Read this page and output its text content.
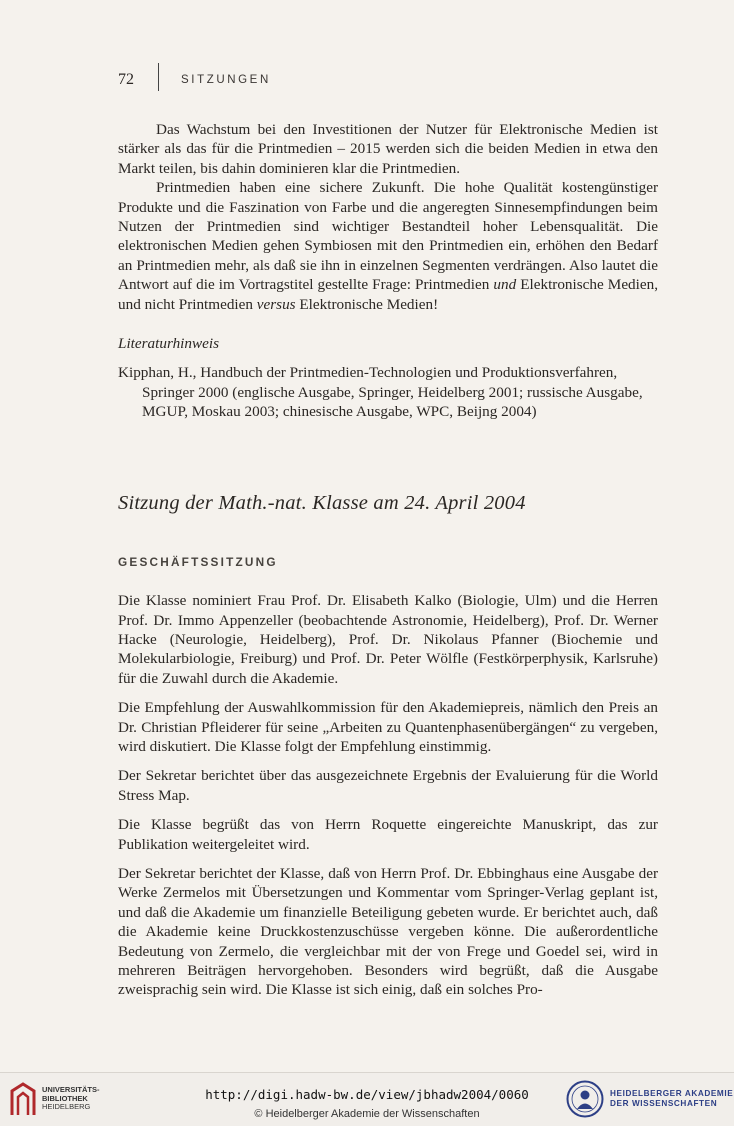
72	SITZUNGEN

Das Wachstum bei den Investitionen der Nutzer für Elektronische Medien ist stärker als das für die Printmedien – 2015 werden sich die beiden Medien in etwa den Markt teilen, bis dahin dominieren klar die Printmedien.

Printmedien haben eine sichere Zukunft. Die hohe Qualität kostengünstiger Produkte und die Faszination von Farbe und die angeregten Sinnesempfindungen beim Nutzen der Printmedien sind wichtiger Bestandteil hoher Lebensqualität. Die elektronischen Medien gehen Symbiosen mit den Printmedien ein, erhöhen den Bedarf an Printmedien mehr, als daß sie ihn in einzelnen Segmenten verdrängen. Also lautet die Antwort auf die im Vortragstitel gestellte Frage: Printmedien und Elektronische Medien, und nicht Printmedien versus Elektronische Medien!

Literaturhinweis

Kipphan, H., Handbuch der Printmedien-Technologien und Produktionsverfahren, Springer 2000 (englische Ausgabe, Springer, Heidelberg 2001; russische Ausgabe, MGUP, Moskau 2003; chinesische Ausgabe, WPC, Beijng 2004)

Sitzung der Math.-nat. Klasse am 24. April 2004

GESCHÄFTSSITZUNG

Die Klasse nominiert Frau Prof. Dr. Elisabeth Kalko (Biologie, Ulm) und die Herren Prof. Dr. Immo Appenzeller (beobachtende Astronomie, Heidelberg), Prof. Dr. Werner Hacke (Neurologie, Heidelberg), Prof. Dr. Nikolaus Pfanner (Biochemie und Molekularbiologie, Freiburg) und Prof. Dr. Peter Wölfle (Festkörperphysik, Karlsruhe) für die Zuwahl durch die Akademie.

Die Empfehlung der Auswahlkommission für den Akademiepreis, nämlich den Preis an Dr. Christian Pfleiderer für seine „Arbeiten zu Quantenphasenübergängen“ zu vergeben, wird diskutiert. Die Klasse folgt der Empfehlung einstimmig.

Der Sekretar berichtet über das ausgezeichnete Ergebnis der Evaluierung für die World Stress Map.

Die Klasse begrüßt das von Herrn Roquette eingereichte Manuskript, das zur Publikation weitergeleitet wird.

Der Sekretar berichtet der Klasse, daß von Herrn Prof. Dr. Ebbinghaus eine Ausgabe der Werke Zermelos mit Übersetzungen und Kommentar vom Springer-Verlag geplant ist, und daß die Akademie um finanzielle Beteiligung gebeten wurde. Er berichtet auch, daß die Akademie keine Druckkostenzuschüsse vergeben könne. Die außerordentliche Bedeutung von Zermelo, die vergleichbar mit der von Frege und Goedel sei, wird in mehreren Beiträgen hervorgehoben. Besonders wird begrüßt, daß die Ausgabe zweisprachig sein wird. Die Klasse ist sich einig, daß ein solches Pro-

UNIVERSITÄTS-
BIBLIOTHEK
HEIDELBERG
http://digi.hadw-bw.de/view/jbhadw2004/0060
© Heidelberger Akademie der Wissenschaften
HEIDELBERGER AKADEMIE
DER WISSENSCHAFTEN
